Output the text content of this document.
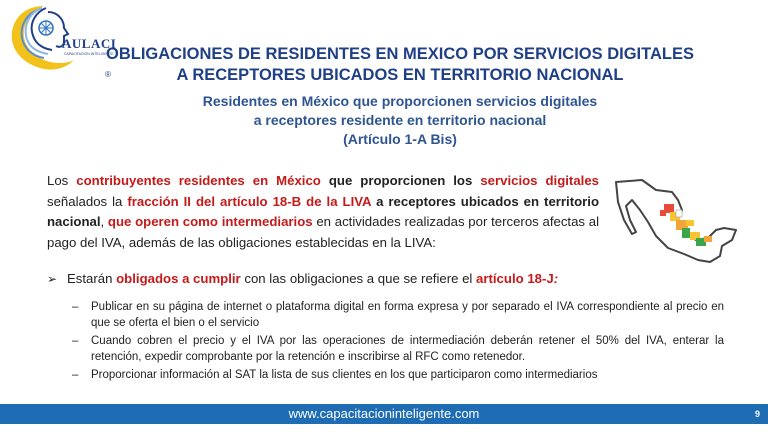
AULACI
CAPACITACION INTELIGENTE
®
OBLIGACIONES DE RESIDENTES EN MEXICO POR SERVICIOS DIGITALES
A RECEPTORES UBICADOS EN TERRITORIO NACIONAL
Residentes en México que proporcionen servicios digitales
a receptores residente en territorio nacional
(Artículo 1-A Bis)
Los contribuyentes residentes en México que proporcionen los servicios digitales señalados la fracción II del artículo 18-B de la LIVA a receptores ubicados en territorio nacional, que operen como intermediarios en actividades realizadas por terceros afectas al pago del IVA, además de las obligaciones establecidas en la LIVA:
➢ Estarán obligados a cumplir con las obligaciones a que se refiere el artículo 18-J:
– Publicar en su página de internet o plataforma digital en forma expresa y por separado el IVA correspondiente al precio en que se oferta el bien o el servicio
– Cuando cobren el precio y el IVA por las operaciones de intermediación deberán retener el 50% del IVA, enterar la retención, expedir comprobante por la retención e inscribirse al RFC como retenedor.
– Proporcionar información al SAT la lista de sus clientes en los que participaron como intermediarios
www.capacitacioninteligente.com	9
